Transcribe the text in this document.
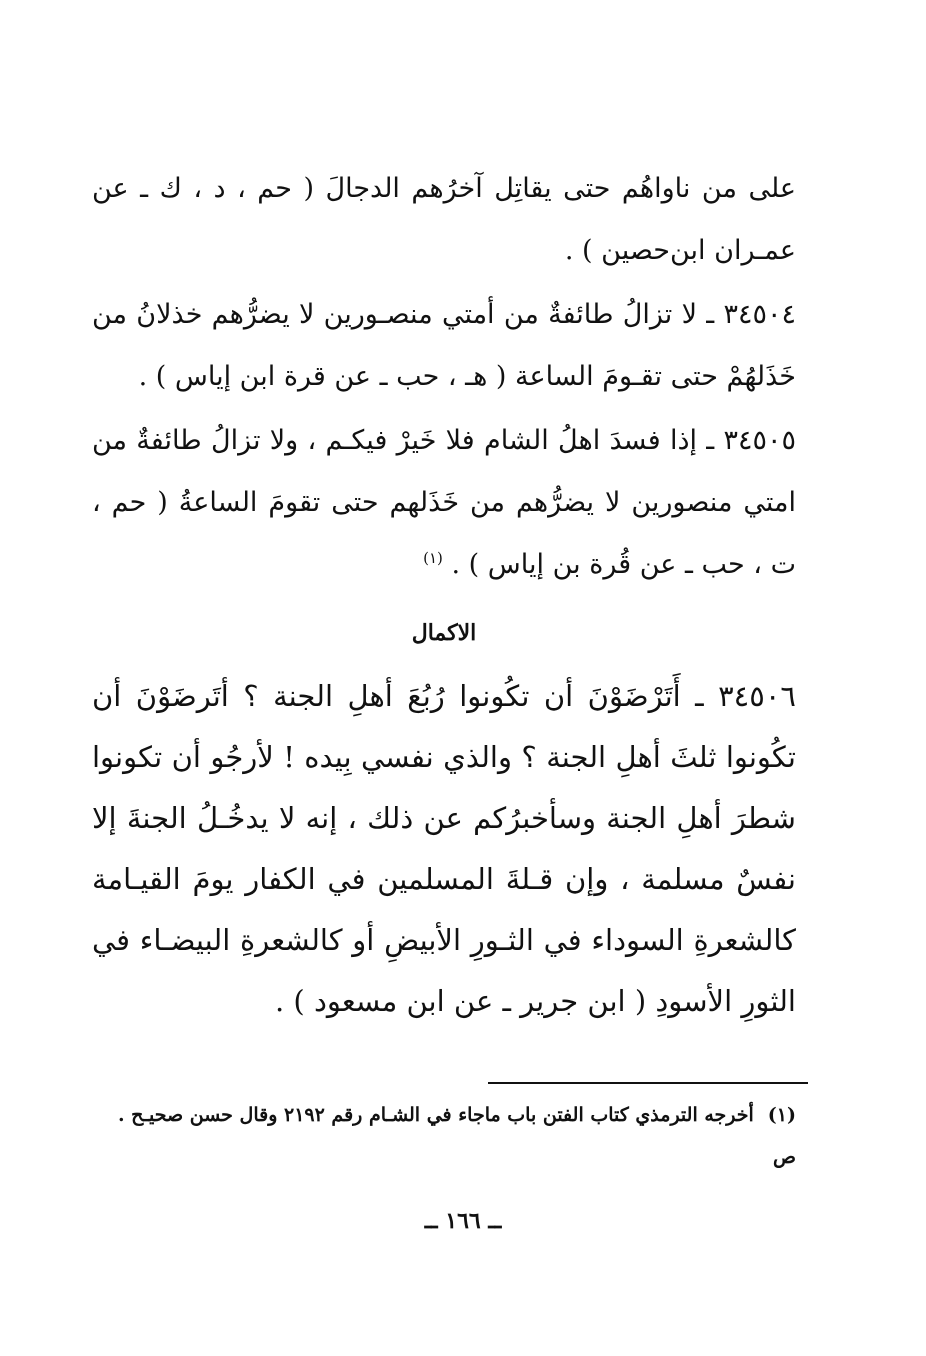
على من ناواهُم حتى يقاتِل آخرُهم الدجالَ ( حم ، د ، ك ـ عن عمـران ابن‌حصين ) .

٣٤٥٠٤ ـ لا تزالُ طائفةٌ من أمتي منصـورين لا يضرُّهم خذلانُ من خَذَلهُمْ حتى تقـومَ الساعة ( هـ ، حب ـ عن قرة ابن إياس ) .

٣٤٥٠٥ ـ إذا فسدَ اهلُ الشام فلا خَيرْ فيكـم ، ولا تزالُ طائفةٌ من امتي منصورين لا يضرُّهم من خَذَلهم حتى تقومَ الساعةُ ( حم ، ت ، حب ـ عن قُرة بن إياس ) . $^{(١)}$

الاكمال

٣٤٥٠٦ ـ أَتَرْضَوْنَ أن تكُونوا رُبُعَ أهلِ الجنة ؟ أتَرضَوْنَ أن تكُونوا ثلثَ أهلِ الجنة ؟ والذي نفسي بِيده ! لأرجُو أن تكونوا شطرَ أهلِ الجنة وسأخبرُكم عن ذلك ، إنه لا يدخُـلُ الجنةَ إلا نفسٌ مسلمة ، وإن قـلةَ المسلمين في الكفار يومَ القيـامة كالشعرةِ السوداء في الثـورِ الأبيضِ أو كالشعرةِ البيضـاء في الثورِ الأسودِ ( ابن جرير ـ عن ابن مسعود ) .

(١)أخرجه الترمذي كتاب الفتن باب ماجاء في الشـام رقم ٢١٩٢ وقال حسن صحيـح . ص
ــ ١٦٦ ــ
